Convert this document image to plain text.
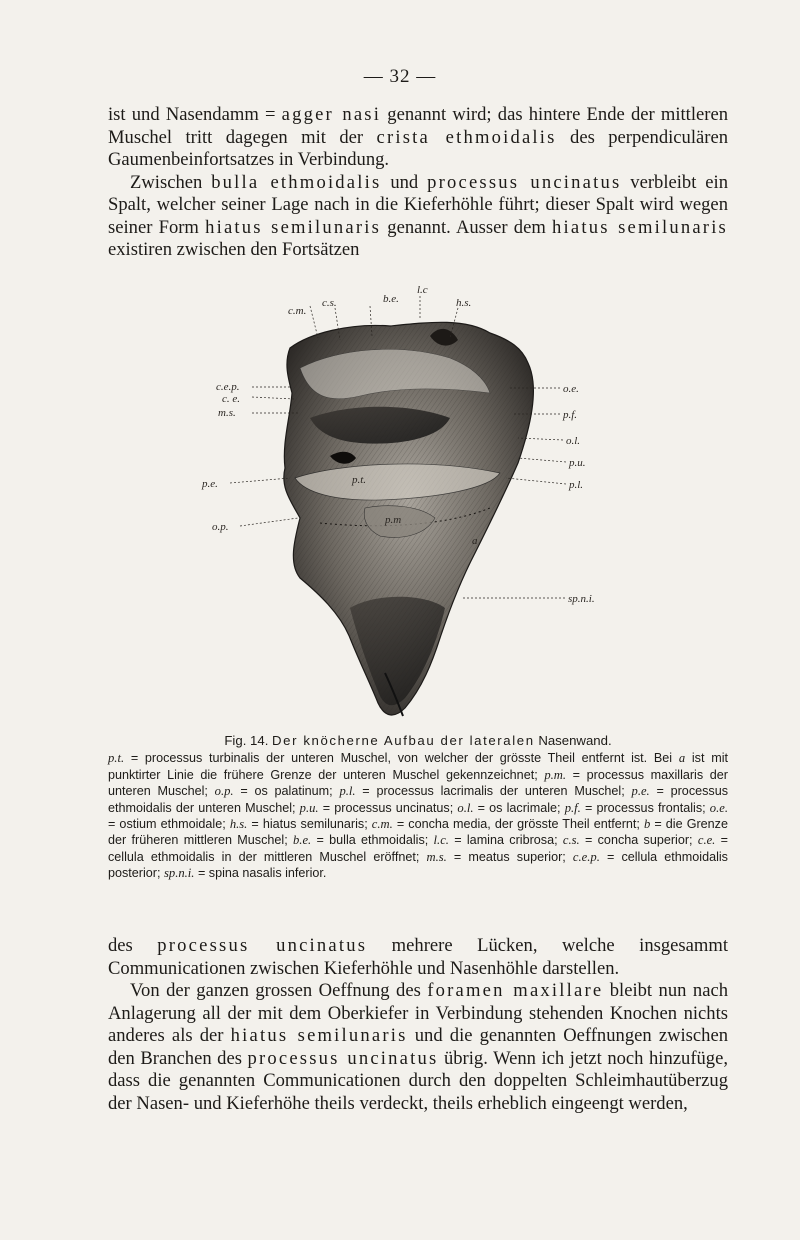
— 32 —

ist und Nasendamm = agger nasi genannt wird; das hintere Ende der mittleren Muschel tritt dagegen mit der crista ethmoidalis des perpendiculären Gaumenbeinfortsatzes in Verbindung.

Zwischen bulla ethmoidalis und processus uncinatus verbleibt ein Spalt, welcher seiner Lage nach in die Kieferhöhle führt; dieser Spalt wird wegen seiner Form hiatus semilunaris genannt. Ausser dem hiatus semilunaris existiren zwischen den Fortsätzen

l.c
c.s.	b.e.	h.s.
c.m.
c.e.p.
c. e.
m.s.
p.e.
o.p.
o.e.
p.f.
o.l.
p.u.
p.l.
p.t.
p.m
a
sp.n.i.

Fig. 14. Der knöcherne Aufbau der lateralen Nasenwand.

p.t. = processus turbinalis der unteren Muschel, von welcher der grösste Theil entfernt ist. Bei a ist mit punktirter Linie die frühere Grenze der unteren Muschel gekennzeichnet; p.m. = processus maxillaris der unteren Muschel; o.p. = os palatinum; p.l. = processus lacrimalis der unteren Muschel; p.e. = processus ethmoidalis der unteren Muschel; p.u. = processus uncinatus; o.l. = os lacrimale; p.f. = processus frontalis; o.e. = ostium ethmoidale; h.s. = hiatus semilunaris; c.m. = concha media, der grösste Theil entfernt; b = die Grenze der früheren mittleren Muschel; b.e. = bulla ethmoidalis; l.c. = lamina cribrosa; c.s. = concha superior; c.e. = cellula ethmoidalis in der mittleren Muschel eröffnet; m.s. = meatus superior; c.e.p. = cellula ethmoidalis posterior; sp.n.i. = spina nasalis inferior.

des processus uncinatus mehrere Lücken, welche insgesammt Communicationen zwischen Kieferhöhle und Nasenhöhle darstellen.

Von der ganzen grossen Oeffnung des foramen maxillare bleibt nun nach Anlagerung all der mit dem Oberkiefer in Verbindung stehenden Knochen nichts anderes als der hiatus semilunaris und die genannten Oeffnungen zwischen den Branchen des processus uncinatus übrig. Wenn ich jetzt noch hinzufüge, dass die genannten Communicationen durch den doppelten Schleimhautüberzug der Nasen- und Kieferhöhe theils verdeckt, theils erheblich eingeengt werden,
